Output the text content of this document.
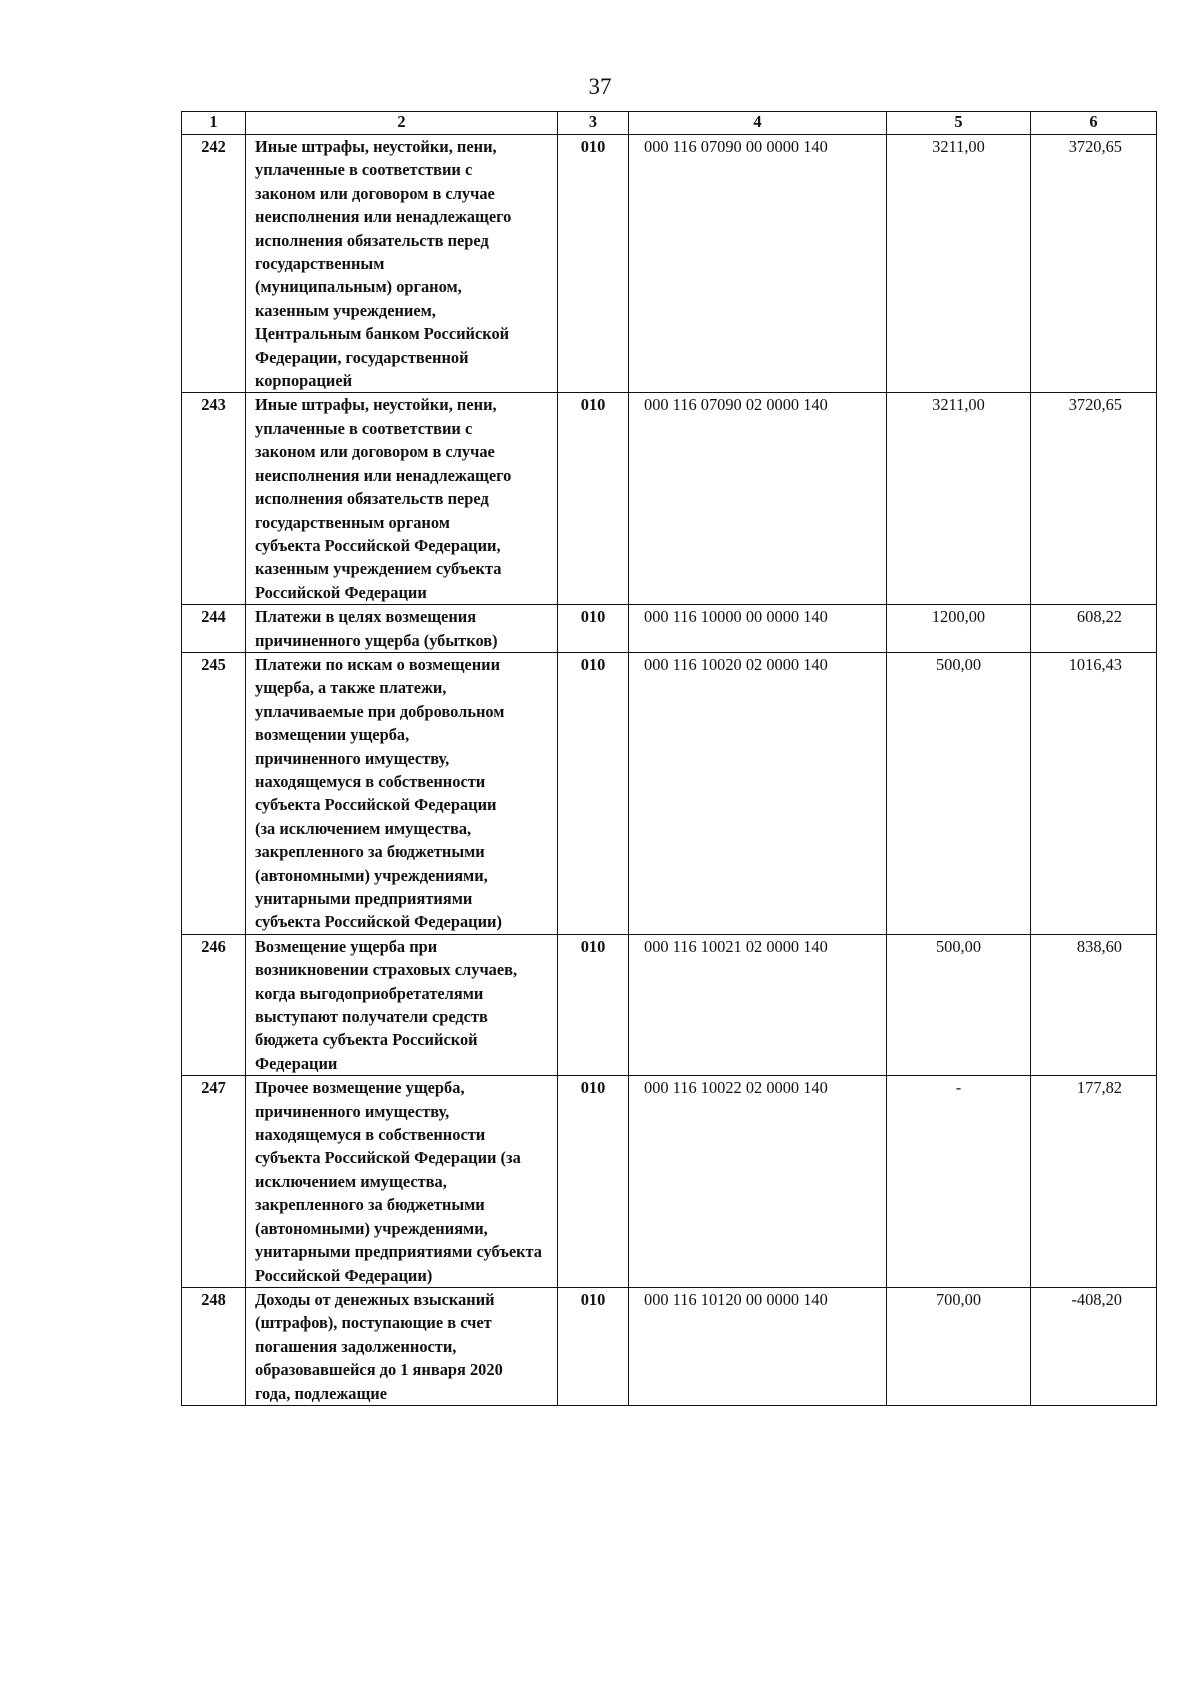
37
1	2	3	4	5	6
242	Иные штрафы, неустойки, пени, уплаченные в соответствии с законом или договором в случае неисполнения или ненадлежащего исполнения обязательств перед государственным (муниципальным) органом, казенным учреждением, Центральным банком Российской Федерации, государственной корпорацией	010	000 116 07090 00 0000 140	3211,00	3720,65
243	Иные штрафы, неустойки, пени, уплаченные в соответствии с законом или договором в случае неисполнения или ненадлежащего исполнения обязательств перед государственным органом субъекта Российской Федерации, казенным учреждением субъекта Российской Федерации	010	000 116 07090 02 0000 140	3211,00	3720,65
244	Платежи в целях возмещения причиненного ущерба (убытков)	010	000 116 10000 00 0000 140	1200,00	608,22
245	Платежи по искам о возмещении ущерба, а также платежи, уплачиваемые при добровольном возмещении ущерба, причиненного имуществу, находящемуся в собственности субъекта Российской Федерации (за исключением имущества, закрепленного за бюджетными (автономными) учреждениями, унитарными предприятиями субъекта Российской Федерации)	010	000 116 10020 02 0000 140	500,00	1016,43
246	Возмещение ущерба при возникновении страховых случаев, когда выгодоприобретателями выступают получатели средств бюджета субъекта Российской Федерации	010	000 116 10021 02 0000 140	500,00	838,60
247	Прочее возмещение ущерба, причиненного имуществу, находящемуся в собственности субъекта Российской Федерации (за исключением имущества, закрепленного за бюджетными (автономными) учреждениями, унитарными предприятиями субъекта Российской Федерации)	010	000 116 10022 02 0000 140	-	177,82
248	Доходы от денежных взысканий (штрафов), поступающие в счет погашения задолженности, образовавшейся до 1 января 2020 года, подлежащие	010	000 116 10120 00 0000 140	700,00	-408,20
